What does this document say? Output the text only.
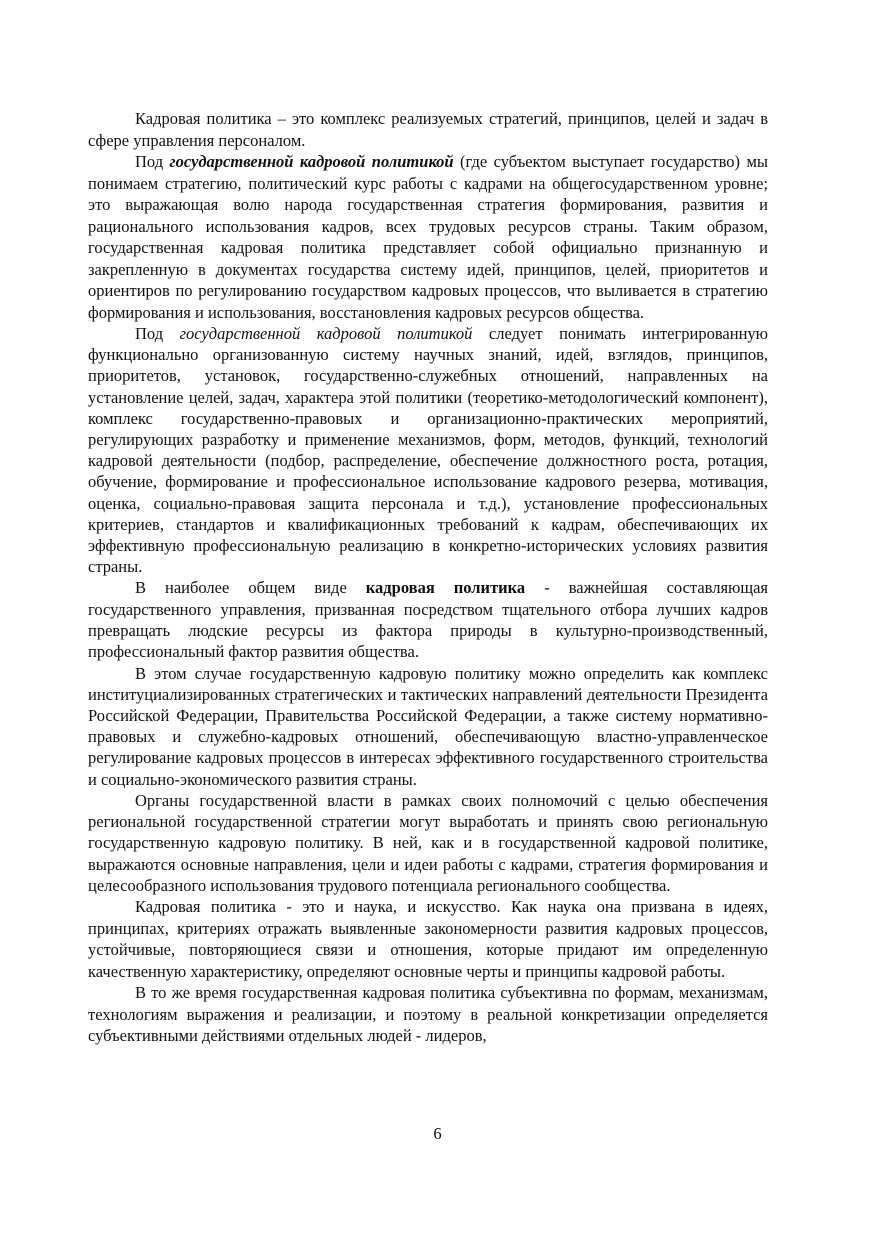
Кадровая политика – это комплекс реализуемых стратегий, принципов, целей и задач в сфере управления персоналом.

Под государственной кадровой политикой (где субъектом выступает государство) мы понимаем стратегию, политический курс работы с кадрами на общегосударственном уровне; это выражающая волю народа государственная стратегия формирования, развития и рационального использования кадров, всех трудовых ресурсов страны. Таким образом, государственная кадровая политика представляет собой официально признанную и закрепленную в документах государства систему идей, принципов, целей, приоритетов и ориентиров по регулированию государством кадровых процессов, что выливается в стратегию формирования и использования, восстановления кадровых ресурсов общества.

Под государственной кадровой политикой следует понимать интегрированную функционально организованную систему научных знаний, идей, взглядов, принципов, приоритетов, установок, государственно-служебных отношений, направленных на установление целей, задач, характера этой политики (теоретико-методологический компонент), комплекс государственно-правовых и организационно-практических мероприятий, регулирующих разработку и применение механизмов, форм, методов, функций, технологий кадровой деятельности (подбор, распределение, обеспечение должностного роста, ротация, обучение, формирование и профессиональное использование кадрового резерва, мотивация, оценка, социально-правовая защита персонала и т.д.), установление профессиональных критериев, стандартов и квалификационных требований к кадрам, обеспечивающих их эффективную профессиональную реализацию в конкретно-исторических условиях развития страны.

В наиболее общем виде кадровая политика - важнейшая составляющая государственного управления, призванная посредством тщательного отбора лучших кадров превращать людские ресурсы из фактора природы в культурно-производственный, профессиональный фактор развития общества.

В этом случае государственную кадровую политику можно определить как комплекс институциализированных стратегических и тактических направлений деятельности Президента Российской Федерации, Правительства Российской Федерации, а также систему нормативно-правовых и служебно-кадровых отношений, обеспечивающую властно-управленческое регулирование кадровых процессов в интересах эффективного государственного строительства и социально-экономического развития страны.

Органы государственной власти в рамках своих полномочий с целью обеспечения региональной государственной стратегии могут выработать и принять свою региональную государственную кадровую политику. В ней, как и в государственной кадровой политике, выражаются основные направления, цели и идеи работы с кадрами, стратегия формирования и целесообразного использования трудового потенциала регионального сообщества.

Кадровая политика - это и наука, и искусство. Как наука она призвана в идеях, принципах, критериях отражать выявленные закономерности развития кадровых процессов, устойчивые, повторяющиеся связи и отношения, которые придают им определенную качественную характеристику, определяют основные черты и принципы кадровой работы.

В то же время государственная кадровая политика субъективна по формам, механизмам, технологиям выражения и реализации, и поэтому в реальной конкретизации определяется субъективными действиями отдельных людей - лидеров,

6
